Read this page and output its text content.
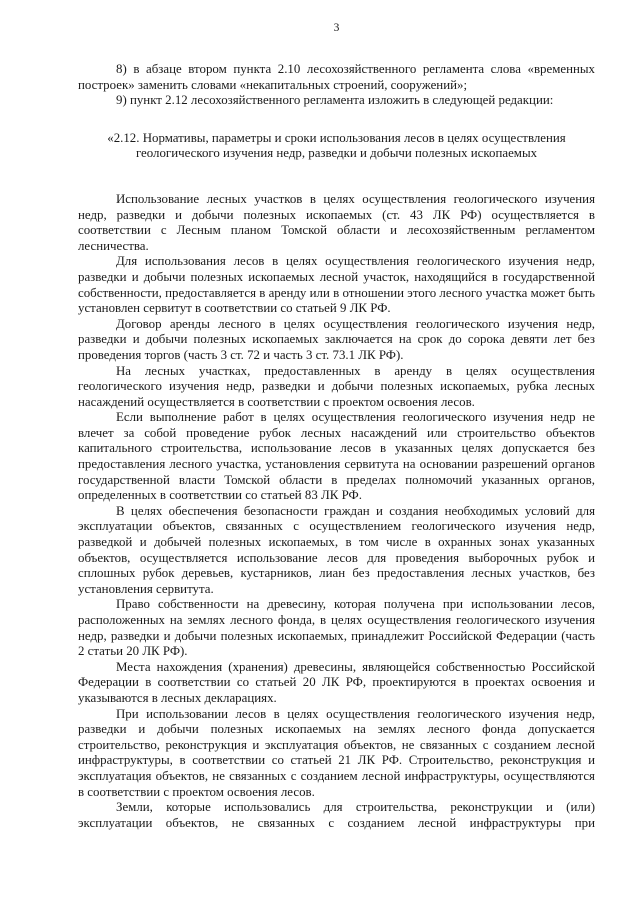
3

8) в абзаце втором пункта 2.10 лесохозяйственного регламента слова «временных построек» заменить словами «некапитальных строений, сооружений»;

9) пункт 2.12 лесохозяйственного регламента изложить в следующей редакции:

«2.12. Нормативы, параметры и сроки использования лесов в целях осуществления геологического изучения недр, разведки и добычи полезных ископаемых

Использование лесных участков в целях осуществления геологического изучения недр, разведки и добычи полезных ископаемых (ст. 43 ЛК РФ) осуществляется в соответствии с Лесным планом Томской области и лесохозяйственным регламентом лесничества.

Для использования лесов в целях осуществления геологического изучения недр, разведки и добычи полезных ископаемых лесной участок, находящийся в государственной собственности, предоставляется в аренду или в отношении этого лесного участка может быть установлен сервитут в соответствии со статьей 9 ЛК РФ.

Договор аренды лесного в целях осуществления геологического изучения недр, разведки и добычи полезных ископаемых заключается на срок до сорока девяти лет без проведения торгов (часть 3 ст. 72 и часть 3 ст. 73.1 ЛК РФ).

На лесных участках, предоставленных в аренду в целях осуществления геологического изучения недр, разведки и добычи полезных ископаемых, рубка лесных насаждений осуществляется в соответствии с проектом освоения лесов.

Если выполнение работ в целях осуществления геологического изучения недр не влечет за собой проведение рубок лесных насаждений или строительство объектов капитального строительства, использование лесов в указанных целях допускается без предоставления лесного участка, установления сервитута на основании разрешений органов государственной власти Томской области в пределах полномочий указанных органов, определенных в соответствии со статьей 83 ЛК РФ.

В целях обеспечения безопасности граждан и создания необходимых условий для эксплуатации объектов, связанных с осуществлением геологического изучения недр, разведкой и добычей полезных ископаемых, в том числе в охранных зонах указанных объектов, осуществляется использование лесов для проведения выборочных рубок и сплошных рубок деревьев, кустарников, лиан без предоставления лесных участков, без установления сервитута.

Право собственности на древесину, которая получена при использовании лесов, расположенных на землях лесного фонда, в целях осуществления геологического изучения недр, разведки и добычи полезных ископаемых, принадлежит Российской Федерации (часть 2 статьи 20 ЛК РФ).

Места нахождения (хранения) древесины, являющейся собственностью Российской Федерации в соответствии со статьей 20 ЛК РФ, проектируются в проектах освоения и указываются в лесных декларациях.

При использовании лесов в целях осуществления геологического изучения недр, разведки и добычи полезных ископаемых на землях лесного фонда допускается строительство, реконструкция и эксплуатация объектов, не связанных с созданием лесной инфраструктуры, в соответствии со статьей 21 ЛК РФ. Строительство, реконструкция и эксплуатация объектов, не связанных с созданием лесной инфраструктуры, осуществляются в соответствии с проектом освоения лесов.

Земли, которые использовались для строительства, реконструкции и (или) эксплуатации объектов, не связанных с созданием лесной инфраструктуры при
